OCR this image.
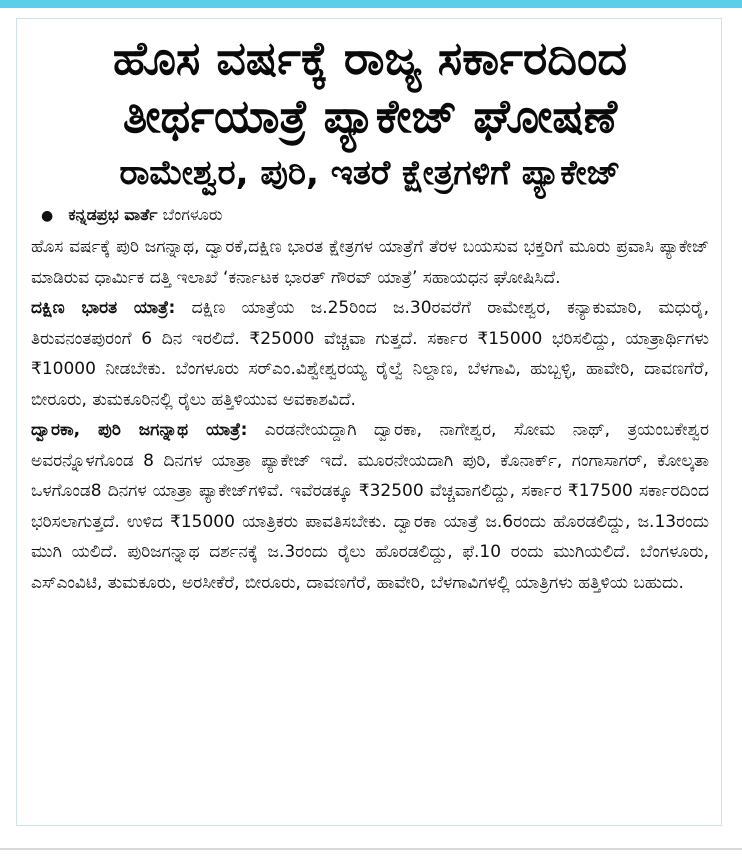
ಹೊಸ ವರ್ಷಕ್ಕೆ ರಾಜ್ಯ ಸರ್ಕಾರದಿಂದ
ತೀರ್ಥಯಾತ್ರೆ ಪ್ಯಾಕೇಜ್ ಘೋಷಣೆ
ರಾಮೇಶ್ವರ, ಪುರಿ, ಇತರೆ ಕ್ಷೇತ್ರಗಳಿಗೆ ಪ್ಯಾಕೇಜ್
● ಕನ್ನಡಪ್ರಭ ವಾರ್ತೆ ಬೆಂಗಳೂರು

ಹೊಸ ವರ್ಷಕ್ಕೆ ಪುರಿ ಜಗನ್ನಾಥ, ದ್ವಾರಕೆ,ದಕ್ಷಿಣ ಭಾರತ ಕ್ಷೇತ್ರಗಳ ಯಾತ್ರೆಗೆ ತೆರಳ ಬಯಸುವ ಭಕ್ತರಿಗೆ ಮೂರು ಪ್ರವಾಸಿ ಪ್ಯಾಕೇಜ್ ಮಾಡಿರುವ ಧಾರ್ಮಿಕ ದತ್ತಿ ಇಲಾಖೆ ‘ಕರ್ನಾಟಕ ಭಾರತ್ ಗೌರವ್ ಯಾತ್ರೆ’ ಸಹಾಯಧನ ಘೋಷಿಸಿದೆ.

ದಕ್ಷಿಣ ಭಾರತ ಯಾತ್ರೆ: ದಕ್ಷಿಣ ಯಾತ್ರೆಯ ಜ.25ರಿಂದ ಜ.30ರವರೆಗೆ ರಾಮೇಶ್ವರ, ಕನ್ಯಾಕುಮಾರಿ, ಮಧುರೈ, ತಿರುವನಂತಪುರಂಗೆ 6 ದಿನ ಇರಲಿದೆ. ₹25000 ವೆಚ್ಚವಾ ಗುತ್ತದೆ. ಸರ್ಕಾರ ₹15000 ಭರಿಸಲಿದ್ದು, ಯಾತ್ರಾರ್ಥಿಗಳು ₹10000 ನೀಡಬೇಕು. ಬೆಂಗಳೂರು ಸರ್‌ಎಂ.ವಿಶ್ವೇಶ್ವರಯ್ಯ ರೈಲ್ವೆ ನಿಲ್ದಾಣ, ಬೆಳಗಾವಿ, ಹುಬ್ಬಳ್ಳಿ, ಹಾವೇರಿ, ದಾವಣಗೆರೆ, ಬೀರೂರು, ತುಮಕೂರಿನಲ್ಲಿ ರೈಲು ಹತ್ತಿಳಿಯುವ ಅವಕಾಶವಿದೆ.

ದ್ವಾರಕಾ, ಪುರಿ ಜಗನ್ನಾಥ ಯಾತ್ರೆ: ಎರಡನೇಯದ್ದಾಗಿ ದ್ವಾರಕಾ, ನಾಗೇಶ್ವರ, ಸೋಮ ನಾಥ್, ತ್ರಯಂಬಕೇಶ್ವರ ಅವರನ್ನೊಳಗೊಂಡ 8 ದಿನಗಳ ಯಾತ್ರಾ ಪ್ಯಾಕೇಜ್ ಇದೆ. ಮೂರನೇಯದಾಗಿ ಪುರಿ, ಕೊನಾರ್ಕ್, ಗಂಗಾಸಾಗರ್, ಕೋಲ್ಕತಾ ಒಳಗೊಂಡ8 ದಿನಗಳ ಯಾತ್ರಾ ಪ್ಯಾಕೇಜ್‌ಗಳಿವೆ. ಇವೆರಡಕ್ಕೂ ₹32500 ವೆಚ್ಚವಾಗಲಿದ್ದು, ಸರ್ಕಾರ ₹17500 ಸರ್ಕಾರದಿಂದ ಭರಿಸಲಾಗುತ್ತದೆ. ಉಳಿದ ₹15000 ಯಾತ್ರಿಕರು ಪಾವತಿಸಬೇಕು. ದ್ವಾರಕಾ ಯಾತ್ರೆ ಜ.6ರಂದು ಹೊರಡಲಿದ್ದು, ಜ.13ರಂದು ಮುಗಿ ಯಲಿದೆ. ಪುರಿಜಗನ್ನಾಥ ದರ್ಶನಕ್ಕೆ ಜ.3ರಂದು ರೈಲು ಹೊರಡಲಿದ್ದು, ಫೆ.10 ರಂದು ಮುಗಿಯಲಿದೆ. ಬೆಂಗಳೂರು, ಎಸ್‌ಎಂವಿಟಿ, ತುಮಕೂರು, ಅರಸೀಕೆರೆ, ಬೀರೂರು, ದಾವಣಗೆರೆ, ಹಾವೇರಿ, ಬೆಳಗಾವಿಗಳಲ್ಲಿ ಯಾತ್ರಿಗಳು ಹತ್ತಿಳಿಯ ಬಹುದು.
